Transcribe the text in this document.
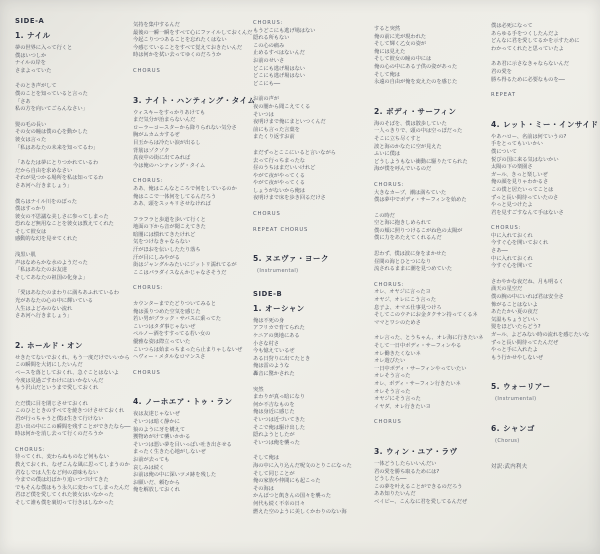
SIDE-A
1. ナイル
夢の世界に入って行くと
僕はいつしか
ナイルの岸を
さまよっていた
そのとき声がして
僕のことを知っていると言った
「さあ
私の方を向いてごらんなさい」
髪の毛の長い
その女の瞳は僕の心を動かした
彼女は言った
「私はあなたの未来を知ってるわ」
「あなたは夢にとりつかれているわ
だから自由を求めなさい
それが見つかる場所を私は知ってるわ
さあ河へ行きましょう」
僕らはナイル川をのぼった
僕はすっかり
彼女の不思議な美しさに参ってしまった
恐れなど無用なことを彼女は教えてくれた
そして彼女は
感動的な幻を見せてくれた
浅黒い肌
声はなめらかな水のようだった
「私はあなたのお友達
そしてあなたの祖国の化身よ」
「愛はあなたのまわりに満ちあふれているわ
光があなたの心の中に輝いている
人生はよどみのない流れ
さあ河へ行きましょう」
2. ホールド・オン
せきたてないでおくれ、もう一度だけでいいから
この瞬間を大切にしたいんだ
ペースを落としておくれ、急ぐことはないよ
今度は見過ごすわけにはいかないんだ
もう沢山だというまで愛しておくれ
ただ僕に目を閉じさせておくれ
このひとときのすべてを焼きつけさせておくれ
君が行っちゃうと僕は生きて行けない
思い出の中にこの瞬間を残すことができたなら──
時は何かを消し去って行くのだろうか
CHORUS:
待ってくれ、変わらぬものなど何もない
教えておくれ、なぜこんな風に思ってしまうのか
君なしでは人生など何の意味もない
今までの僕は幻ばかり追いつづけてきた
でもそんな僕はもう永久に変わってしまったんだ
君ほど僕を愛してくれた彼女はいなかった
そして誰も僕を裏切って行きはしなかった
気持を集中するんだ
最後の一瞬一瞬をすべて心にファイルしておくんだ
今起こりつつあることを忘れたくはない
今感じていることをすべて覚えておきたいんだ
時は何かを拭い去ってゆくのだろうか
CHORUS
3. ナイト・ハンティング・タイム
ウィスキーをすっかりあけても
まだ気分が治まらないんだ
ローラーコースターから降りられない気分さ
胸がムカムカするぜ
目玉からは冷たい涙が出るし
背筋はゾクゾク
真夜中の街に出てみれば
今は俺のハンティング・タイム
CHORUS:
ああ、俺はこんなところで何をしているのか
俺はここで一体何をしてるんだろう
ああ、頭をスッキリさせなければ
フラフラと歩道を歩いて行くと
地面の下から音が聞こえてきた
暗闇には慣れてきたけれど
気をつけなきゃならない
汗がほおを伝いしたたり落ち
汗が目にしみやがる
街はジャングルみたいにジットリ濡れてるが
ここはパラダイスなんかじゃなさそうだ
CHORUS:
カウンターまでたどりついてみると
俺は張りつめた空気を感じた
若い男がブラック・サバスに乗ってた
こいつはタダ事じゃないぜ
ペルノー酒をすすってる若い女の
優雅な姿は際立っていた
こいつらは始まっちまったら止まりゃしないぜ
ヘヴィー・メタルなロマンスさ
CHORUS
4. ノーホエア・トゥ・ラン
夜は友達じゃないぜ
そいつは暗く静かに
狼のように牙を構えて
獲物めがけて襲いかかる
そいつは悪い夢を目いっぱい吐き出させる
まったく生きた心地がしないぜ
お前が去っても
哀しみは続く
お前は俺の中に深いツメ跡を残した
お願いだ、頼むから
俺を解放しておくれ
CHORUS:
もうどこにも逃げ場はない
隠れる所もない
この心の痛み
止めるすべはないんだ
お前のせいさ
どこにも逃げ場はない
どこにも逃げ場はない
どこにも──
お前の声が
夜の闇から聞こえてくる
そいつは
夜明けまで俺にまといつくんだ
前にも言った言葉を
またくり返すお前
まだずっとここにいると言いながら
去って行っちまったな
昼のうちはまだいいけれど
やがて夜がやってくる
やがて夜がやってくる
しょうがないから俺は
夜明けまで床を歩き回るだけさ
CHORUS
REPEAT CHORUS
5. ヌエヴァ・ヨーク
(Instrumental)
SIDE-B
1. オーシャン
俺は不死の身
アフリカで育てられた
ケニアの奥地にある
小さな村さ
今も憶えているぜ
ある日狩りに出てたとき
俺は雷のような
轟音に驚かされた
突然
まわりが真っ暗になり
何か不吉なものを
俺は身近に感じた
そいつは近づいてきた
そこで俺は駆け出した
隠れようとしたが
そいつは俺を襲った
そして俺は
海の中に入り込んだ呪文のとりこになった
そして同じことが
俺の家族や仲間にも起こった
その海は
かんばつと飢きんの国々を襲った
何代も続く不幸の日々
燃えた空のように美しくかわりのない海
すると突然
俺の前に光が現われた
そして輝く乙女の姿が
俺には見えた
そして彼女の瞳の中には
俺の心の中にある子供の姿があった
そして俺は
永遠の自由が俺を変えたのを感じた
2. ボディ・サーフィン
海のそばを、僕は散歩していた
一人っきりで、頭の中は空っぽだった
そこに立ち尽くすと
波と海のかなたに空が見えた
ふいに僕は
どうしようもない衝動に駆りたてられた
海が僕を呼んでいるのだ
CHORUS:
大きなカーブ、潮は満ちていた
僕は夢中でボディ・サーフィンを始めた
この時だ
空と海に抱きしめられて
僕の頬に照りつけるこがね色の太陽が
僕に力をあたえてくれるんだ
思わず、僕は波に身をまかせた
昼間の海とひとつになり
流されるままに潮を見つめていた
CHORUS:
オレ、オヤジに言ったヨ
オヤジ、オレにこう言った
息子よ、オマエ仕事見つけろ
そしてこのウチにお金タクサン持ってくるネ
ママとワシのためさ
オレ言った、とうちゃん、オレ海に行きたいネ
そして一日中ボディ・サーフィンやる
オレ働きたくないネ
オレ遊びたい
一日中ボディ・サーフィンやっていたい
オレそう言った
オレ、ボディ・サーフィン行きたいネ
オレそう言った
オヤジにそう言った
イヤダ、オレ行きたいヨ
CHORUS
3. ウィン・ユア・ラヴ
一体どうしたらいいんだい
君の愛を勝ち取るためには?
どうしたら──
この夢を叶えることができるのだろう
ああ知りたいんだ
ベイビー、こんなに君を愛してるんだぜ
僕は必死になって
あらゆる手をつくしたんだよ
どんなに君を愛してるかを示すために
わかってくれたと思っていたよ
ああ君に示さなきゃならないんだ
君の愛を
勝ち得るために必要なものを──
REPEAT
4. レット・ミー・インサイド
やあハロー、名前は何ていうの?
手をとってもいいかい
僕について
悦びの国に来る気はないかい
太陽の下の楽園さ
ガール、きっと楽しいぜ
俺の顔を見りゃわかるさ
この僕と居たいってことは
ずっと長い間待っていたのさ
やっと見つけたよ
君を見すごすなんて手はないさ
CHORUS:
中に入れておくれ
今すぐ心を開いておくれ
さあ──
中に入れておくれ
今すぐ心を開いて
さわやかな夜だね、月も明るく
満天の星空だ
僕の腕の中にいれば君は安全さ
怖がることはないよ
あたたかい夏の夜だ
気温もちょうどいい
髪をほどいたらどう?
ガール、よどみない時の流れを感じたいな
ずっと長い間待ってたんだぜ
やっと手に入れたよ
もう行かせやしないぜ
5. ウォーリアー
(Instrumental)
6. シャンゴ
(Chorus)
対訳:武内利夫
